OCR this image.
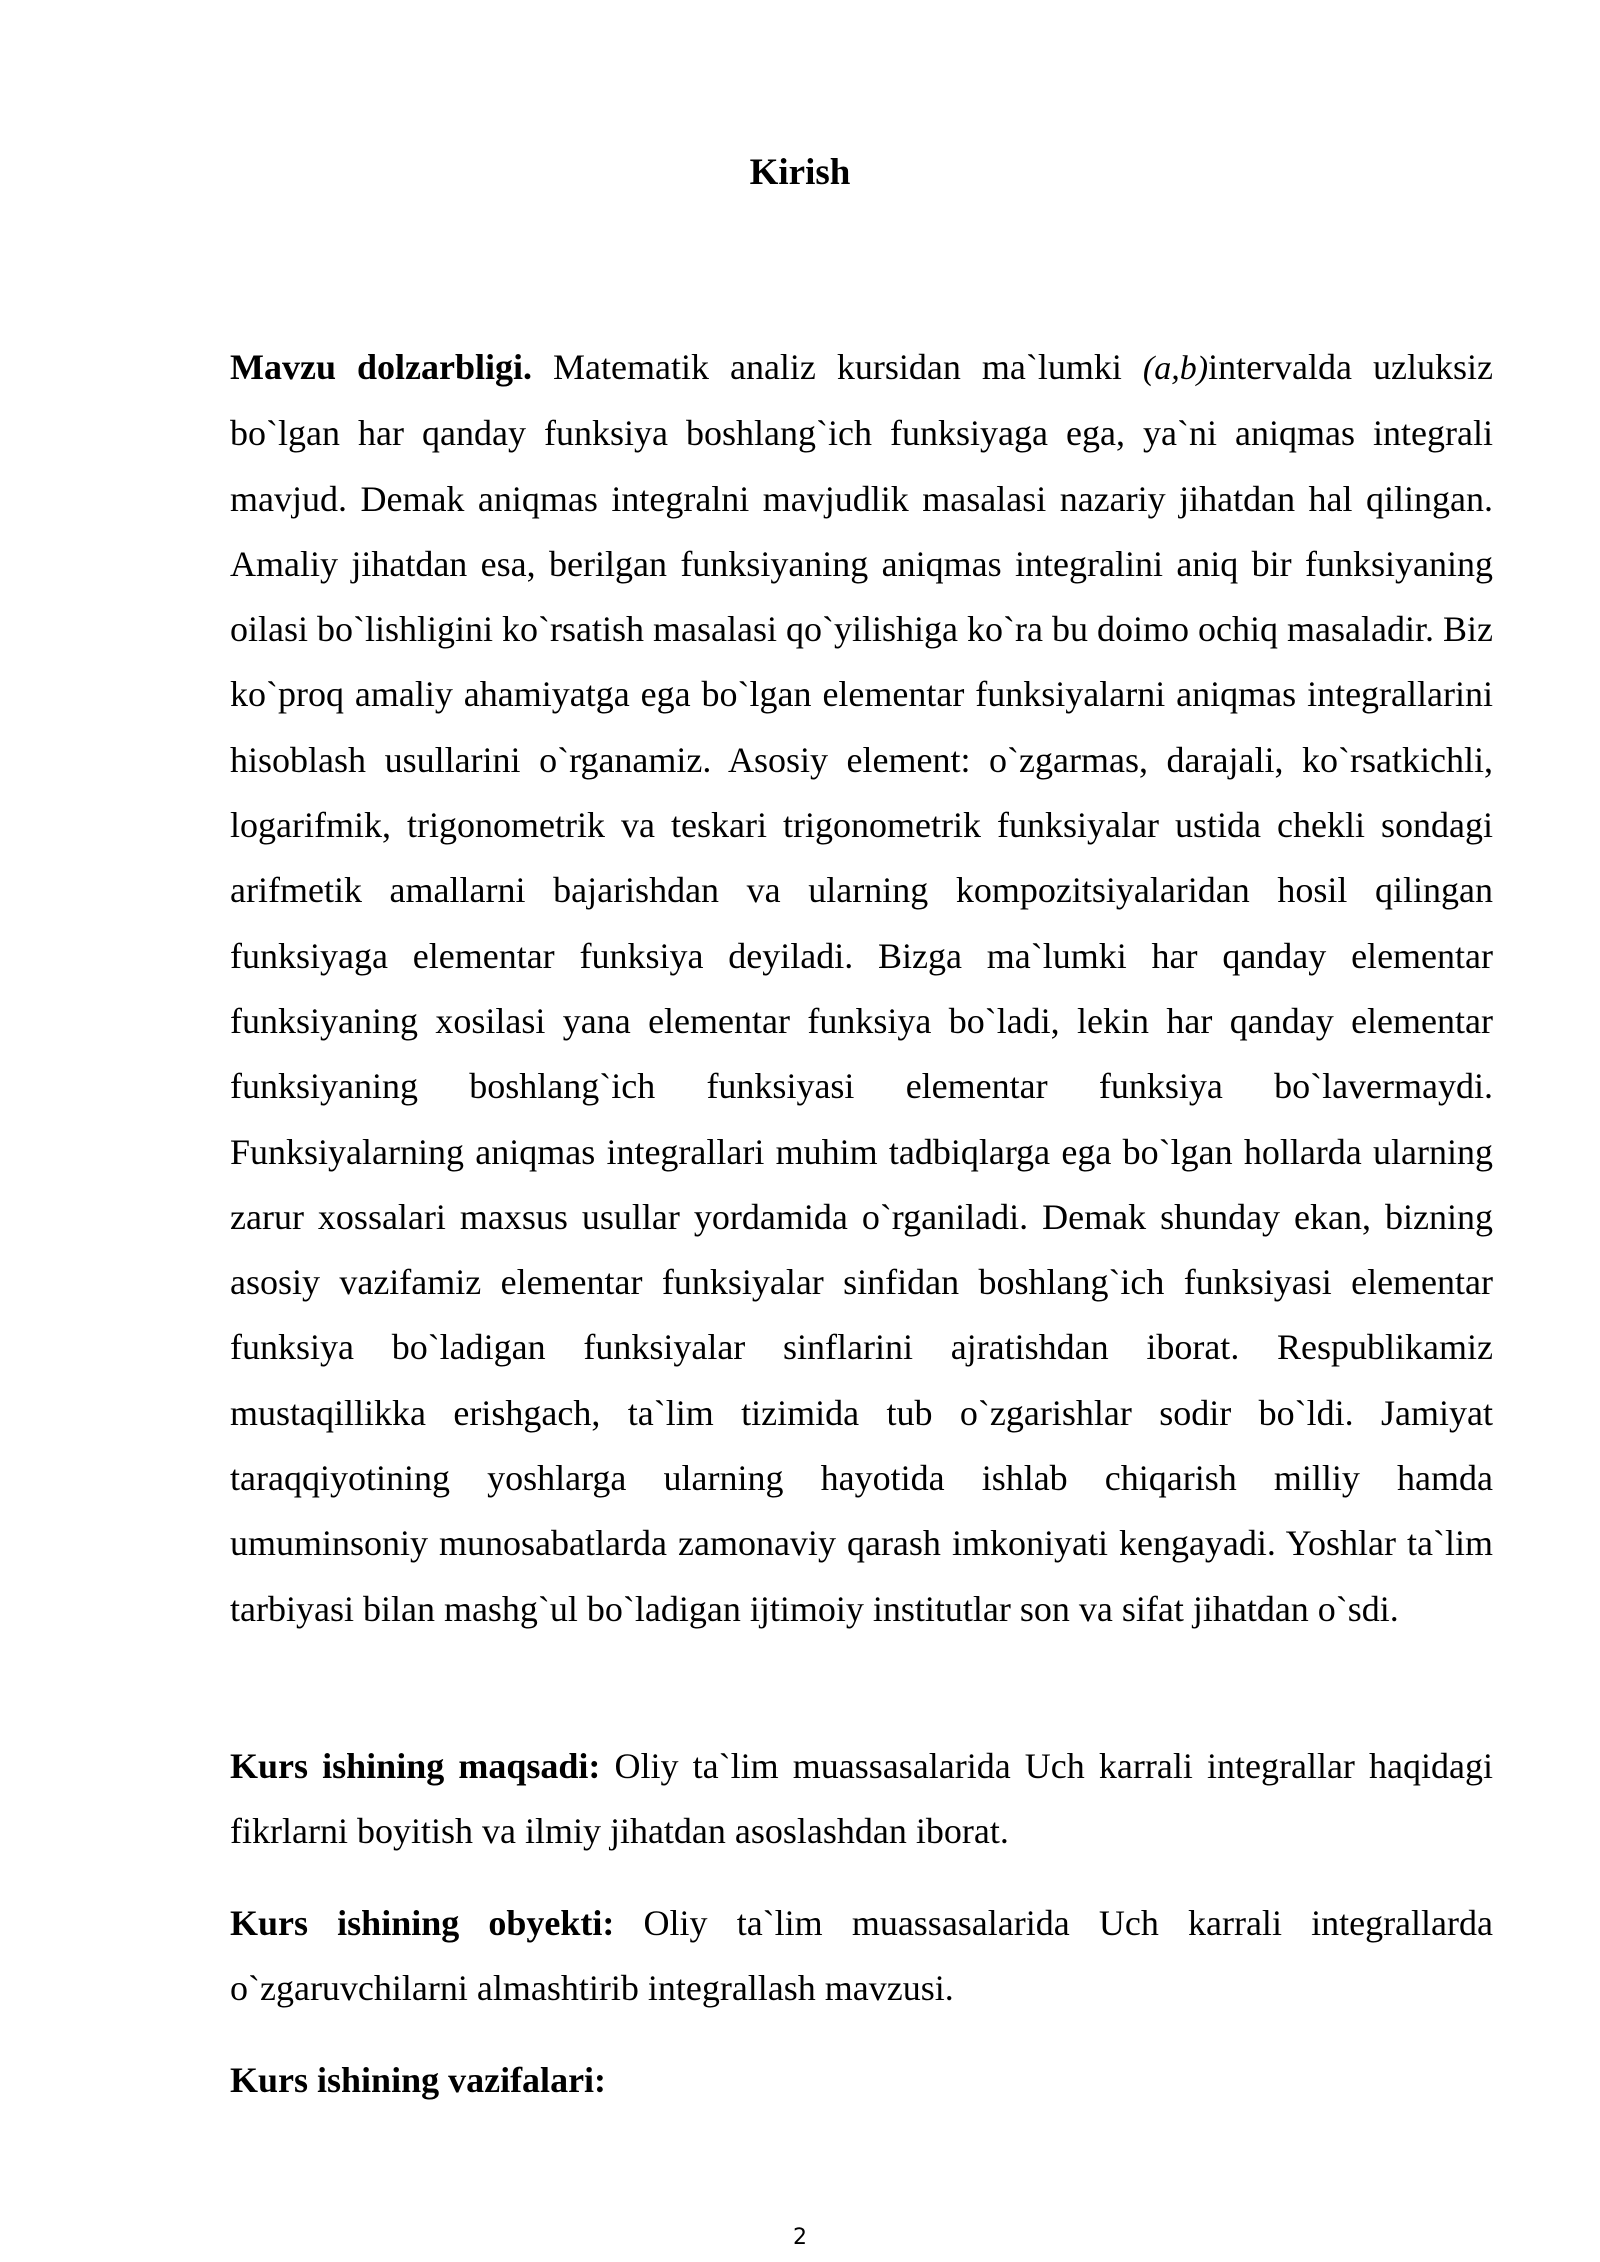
Kirish
Mavzu dolzarbligi. Matematik analiz kursidan ma`lumki (a,b)intervalda uzluksiz bo`lgan har qanday funksiya boshlang`ich funksiyaga ega, ya`ni aniqmas integrali mavjud. Demak aniqmas integralni mavjudlik masalasi nazariy jihatdan hal qilingan. Amaliy jihatdan esa, berilgan funksiyaning aniqmas integralini aniq bir funksiyaning oilasi bo`lishligini ko`rsatish masalasi qo`yilishiga ko`ra bu doimo ochiq masaladir. Biz ko`proq amaliy ahamiyatga ega bo`lgan elementar funksiyalarni aniqmas integrallarini hisoblash usullarini o`rganamiz. Asosiy element: o`zgarmas, darajali, ko`rsatkichli, logarifmik, trigonometrik va teskari trigonometrik funksiyalar ustida chekli sondagi arifmetik amallarni bajarishdan va ularning kompozitsiyalaridan hosil qilingan funksiyaga elementar funksiya deyiladi. Bizga ma`lumki har qanday elementar funksiyaning xosilasi yana elementar funksiya bo`ladi, lekin har qanday elementar funksiyaning boshlang`ich funksiyasi elementar funksiya bo`lavermaydi. Funksiyalarning aniqmas integrallari muhim tadbiqlarga ega bo`lgan hollarda ularning zarur xossalari maxsus usullar yordamida o`rganiladi. Demak shunday ekan, bizning asosiy vazifamiz elementar funksiyalar sinfidan boshlang`ich funksiyasi elementar funksiya bo`ladigan funksiyalar sinflarini ajratishdan iborat. Respublikamiz mustaqillikka erishgach, ta`lim tizimida tub o`zgarishlar sodir bo`ldi. Jamiyat taraqqiyotining yoshlarga ularning hayotida ishlab chiqarish milliy hamda umuminsoniy munosabatlarda zamonaviy qarash imkoniyati kengayadi. Yoshlar ta`lim tarbiyasi bilan mashg`ul bo`ladigan ijtimoiy institutlar son va sifat jihatdan o`sdi.
Kurs ishining maqsadi: Oliy ta`lim muassasalarida Uch karrali integrallar haqidagi fikrlarni boyitish va ilmiy jihatdan asoslashdan iborat.
Kurs ishining obyekti: Oliy ta`lim muassasalarida Uch karrali integrallarda o`zgaruvchilarni almashtirib integrallash mavzusi.
Kurs ishining vazifalari:
2
